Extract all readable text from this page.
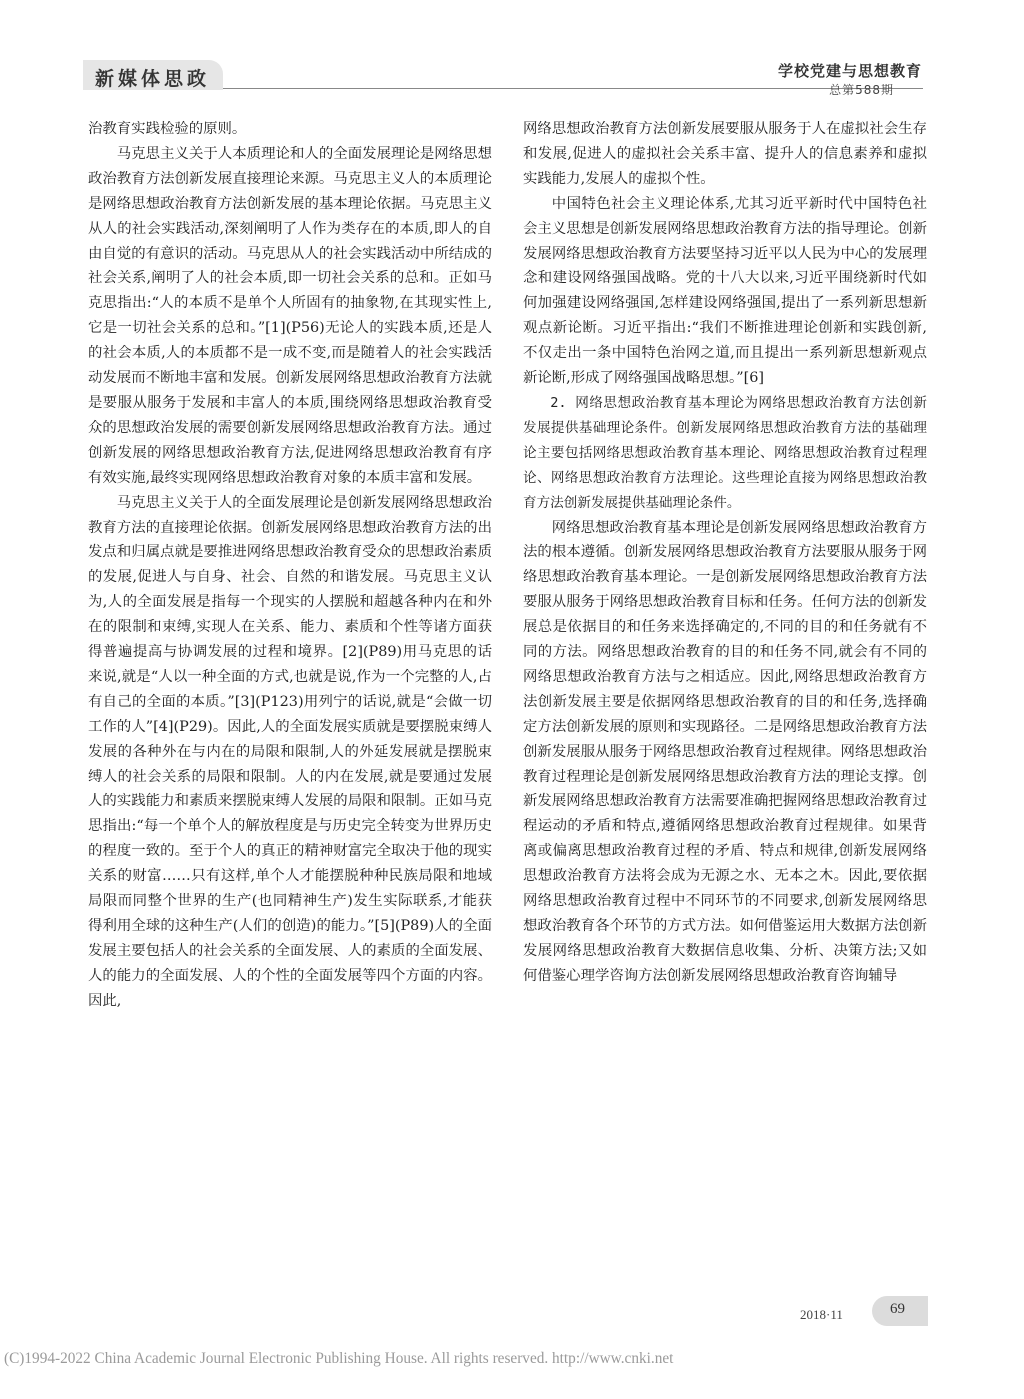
新媒体思政	学校党建与思想教育
总第588期

治教育实践检验的原则。

马克思主义关于人本质理论和人的全面发展理论是网络思想政治教育方法创新发展直接理论来源。马克思主义人的本质理论是网络思想政治教育方法创新发展的基本理论依据。马克思主义从人的社会实践活动,深刻阐明了人作为类存在的本质,即人的自由自觉的有意识的活动。马克思从人的社会实践活动中所结成的社会关系,阐明了人的社会本质,即一切社会关系的总和。正如马克思指出:“人的本质不是单个人所固有的抽象物,在其现实性上,它是一切社会关系的总和。”[1](P56)无论人的实践本质,还是人的社会本质,人的本质都不是一成不变,而是随着人的社会实践活动发展而不断地丰富和发展。创新发展网络思想政治教育方法就是要服从服务于发展和丰富人的本质,围绕网络思想政治教育受众的思想政治发展的需要创新发展网络思想政治教育方法。通过创新发展的网络思想政治教育方法,促进网络思想政治教育有序有效实施,最终实现网络思想政治教育对象的本质丰富和发展。

马克思主义关于人的全面发展理论是创新发展网络思想政治教育方法的直接理论依据。创新发展网络思想政治教育方法的出发点和归属点就是要推进网络思想政治教育受众的思想政治素质的发展,促进人与自身、社会、自然的和谐发展。马克思主义认为,人的全面发展是指每一个现实的人摆脱和超越各种内在和外在的限制和束缚,实现人在关系、能力、素质和个性等诸方面获得普遍提高与协调发展的过程和境界。[2](P89)用马克思的话来说,就是“人以一种全面的方式,也就是说,作为一个完整的人,占有自己的全面的本质。”[3](P123)用列宁的话说,就是“会做一切工作的人”[4](P29)。因此,人的全面发展实质就是要摆脱束缚人发展的各种外在与内在的局限和限制,人的外延发展就是摆脱束缚人的社会关系的局限和限制。人的内在发展,就是要通过发展人的实践能力和素质来摆脱束缚人发展的局限和限制。正如马克思指出:“每一个单个人的解放程度是与历史完全转变为世界历史的程度一致的。至于个人的真正的精神财富完全取决于他的现实关系的财富……只有这样,单个人才能摆脱种种民族局限和地域局限而同整个世界的生产(也同精神生产)发生实际联系,才能获得利用全球的这种生产(人们的创造)的能力。”[5](P89)人的全面发展主要包括人的社会关系的全面发展、人的素质的全面发展、人的能力的全面发展、人的个性的全面发展等四个方面的内容。因此,

网络思想政治教育方法创新发展要服从服务于人在虚拟社会生存和发展,促进人的虚拟社会关系丰富、提升人的信息素养和虚拟实践能力,发展人的虚拟个性。

中国特色社会主义理论体系,尤其习近平新时代中国特色社会主义思想是创新发展网络思想政治教育方法的指导理论。创新发展网络思想政治教育方法要坚持习近平以人民为中心的发展理念和建设网络强国战略。党的十八大以来,习近平围绕新时代如何加强建设网络强国,怎样建设网络强国,提出了一系列新思想新观点新论断。习近平指出:“我们不断推进理论创新和实践创新,不仅走出一条中国特色治网之道,而且提出一系列新思想新观点新论断,形成了网络强国战略思想。”[6]

2. 网络思想政治教育基本理论为网络思想政治教育方法创新发展提供基础理论条件。创新发展网络思想政治教育方法的基础理论主要包括网络思想政治教育基本理论、网络思想政治教育过程理论、网络思想政治教育方法理论。这些理论直接为网络思想政治教育方法创新发展提供基础理论条件。

网络思想政治教育基本理论是创新发展网络思想政治教育方法的根本遵循。创新发展网络思想政治教育方法要服从服务于网络思想政治教育基本理论。一是创新发展网络思想政治教育方法要服从服务于网络思想政治教育目标和任务。任何方法的创新发展总是依据目的和任务来选择确定的,不同的目的和任务就有不同的方法。网络思想政治教育的目的和任务不同,就会有不同的网络思想政治教育方法与之相适应。因此,网络思想政治教育方法创新发展主要是依据网络思想政治教育的目的和任务,选择确定方法创新发展的原则和实现路径。二是网络思想政治教育方法创新发展服从服务于网络思想政治教育过程规律。网络思想政治教育过程理论是创新发展网络思想政治教育方法的理论支撑。创新发展网络思想政治教育方法需要准确把握网络思想政治教育过程运动的矛盾和特点,遵循网络思想政治教育过程规律。如果背离或偏离思想政治教育过程的矛盾、特点和规律,创新发展网络思想政治教育方法将会成为无源之水、无本之木。因此,要依据网络思想政治教育过程中不同环节的不同要求,创新发展网络思想政治教育各个环节的方式方法。如何借鉴运用大数据方法创新发展网络思想政治教育大数据信息收集、分析、决策方法;又如何借鉴心理学咨询方法创新发展网络思想政治教育咨询辅导

2018·11	69
(C)1994-2022 China Academic Journal Electronic Publishing House. All rights reserved. http://www.cnki.net
